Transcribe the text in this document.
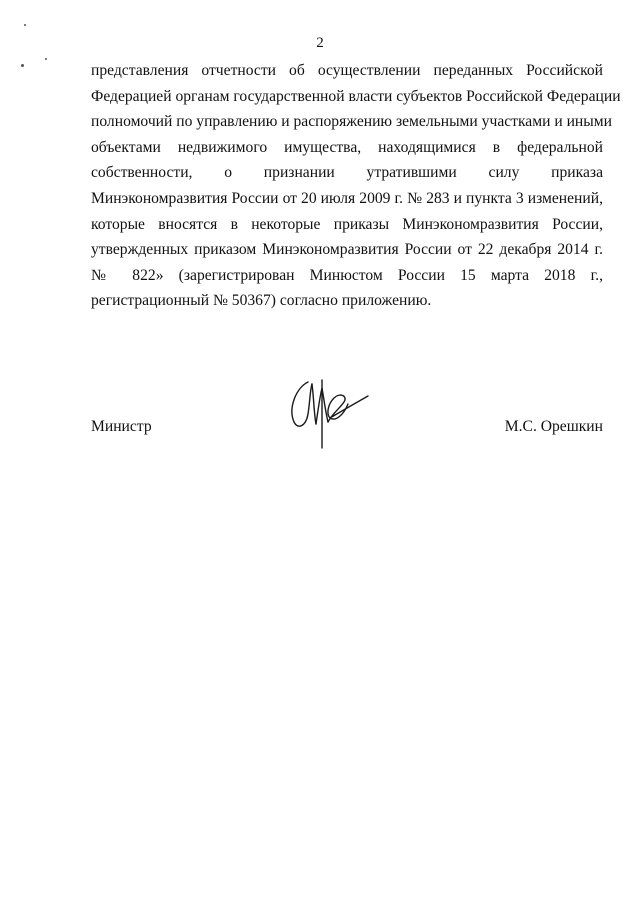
2
представления отчетности об осуществлении переданных Российской
Федерацией органам государственной власти субъектов Российской Федерации
полномочий по управлению и распоряжению земельными участками и иными
объектами недвижимого имущества, находящимися в федеральной
собственности, о признании утратившими силу приказа
Минэкономразвития России от 20 июля 2009 г. № 283 и пункта 3 изменений,
которые вносятся в некоторые приказы Минэкономразвития России,
утвержденных приказом Минэкономразвития России от 22 декабря 2014 г.
№ 822» (зарегистрирован Минюстом России 15 марта 2018 г.,
регистрационный № 50367) согласно приложению.
Министр	М.С. Орешкин
